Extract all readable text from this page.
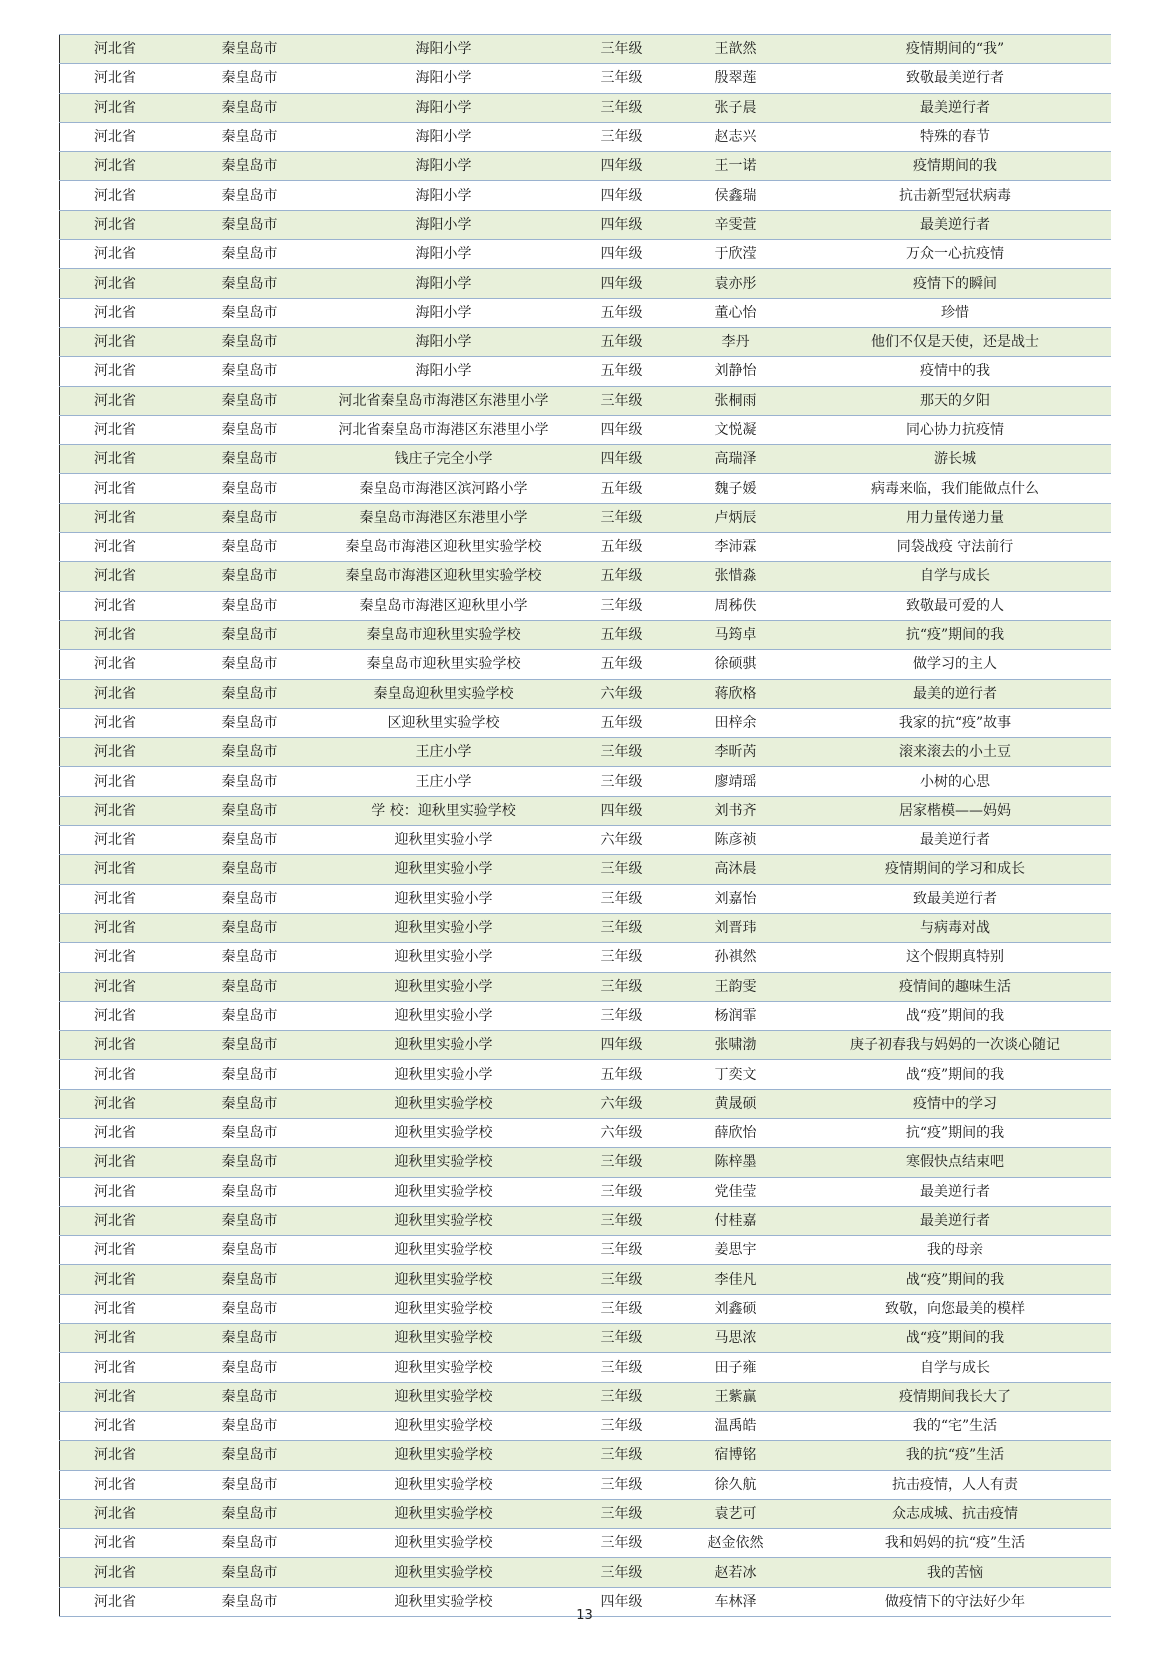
河北省	秦皇岛市	海阳小学	三年级	王歆然	疫情期间的“我”
河北省	秦皇岛市	海阳小学	三年级	殷翠莲	致敬最美逆行者
河北省	秦皇岛市	海阳小学	三年级	张子晨	最美逆行者
河北省	秦皇岛市	海阳小学	三年级	赵志兴	特殊的春节
河北省	秦皇岛市	海阳小学	四年级	王一诺	疫情期间的我
河北省	秦皇岛市	海阳小学	四年级	侯鑫瑞	抗击新型冠状病毒
河北省	秦皇岛市	海阳小学	四年级	辛雯萱	最美逆行者
河北省	秦皇岛市	海阳小学	四年级	于欣滢	万众一心抗疫情
河北省	秦皇岛市	海阳小学	四年级	袁亦彤	疫情下的瞬间
河北省	秦皇岛市	海阳小学	五年级	董心怡	珍惜
河北省	秦皇岛市	海阳小学	五年级	李丹	他们不仅是天使，还是战士
河北省	秦皇岛市	海阳小学	五年级	刘静怡	疫情中的我
河北省	秦皇岛市	河北省秦皇岛市海港区东港里小学	三年级	张桐雨	那天的夕阳
河北省	秦皇岛市	河北省秦皇岛市海港区东港里小学	四年级	文悦凝	同心协力抗疫情
河北省	秦皇岛市	钱庄子完全小学	四年级	高瑞泽	游长城
河北省	秦皇岛市	秦皇岛市海港区滨河路小学	五年级	魏子媛	病毒来临，我们能做点什么
河北省	秦皇岛市	秦皇岛市海港区东港里小学	三年级	卢炳辰	用力量传递力量
河北省	秦皇岛市	秦皇岛市海港区迎秋里实验学校	五年级	李沛霖	同袋战疫 守法前行
河北省	秦皇岛市	秦皇岛市海港区迎秋里实验学校	五年级	张惜淼	自学与成长
河北省	秦皇岛市	秦皇岛市海港区迎秋里小学	三年级	周秭佚	致敬最可爱的人
河北省	秦皇岛市	秦皇岛市迎秋里实验学校	五年级	马筠卓	抗“疫”期间的我
河北省	秦皇岛市	秦皇岛市迎秋里实验学校	五年级	徐硕骐	做学习的主人
河北省	秦皇岛市	秦皇岛迎秋里实验学校	六年级	蒋欣格	最美的逆行者
河北省	秦皇岛市	区迎秋里实验学校	五年级	田梓余	我家的抗“疫”故事
河北省	秦皇岛市	王庄小学	三年级	李昕芮	滚来滚去的小土豆
河北省	秦皇岛市	王庄小学	三年级	廖靖瑶	小树的心思
河北省	秦皇岛市	学 校：迎秋里实验学校	四年级	刘书齐	居家楷模——妈妈
河北省	秦皇岛市	迎秋里实验小学	六年级	陈彦祯	最美逆行者
河北省	秦皇岛市	迎秋里实验小学	三年级	高沐晨	疫情期间的学习和成长
河北省	秦皇岛市	迎秋里实验小学	三年级	刘嘉怡	致最美逆行者
河北省	秦皇岛市	迎秋里实验小学	三年级	刘晋玮	与病毒对战
河北省	秦皇岛市	迎秋里实验小学	三年级	孙祺然	这个假期真特别
河北省	秦皇岛市	迎秋里实验小学	三年级	王韵雯	疫情间的趣味生活
河北省	秦皇岛市	迎秋里实验小学	三年级	杨润霏	战“疫”期间的我
河北省	秦皇岛市	迎秋里实验小学	四年级	张啸渤	庚子初春我与妈妈的一次谈心随记
河北省	秦皇岛市	迎秋里实验小学	五年级	丁奕文	战“疫”期间的我
河北省	秦皇岛市	迎秋里实验学校	六年级	黄晟硕	疫情中的学习
河北省	秦皇岛市	迎秋里实验学校	六年级	薛欣怡	抗“疫”期间的我
河北省	秦皇岛市	迎秋里实验学校	三年级	陈梓墨	寒假快点结束吧
河北省	秦皇岛市	迎秋里实验学校	三年级	党佳莹	最美逆行者
河北省	秦皇岛市	迎秋里实验学校	三年级	付桂嘉	最美逆行者
河北省	秦皇岛市	迎秋里实验学校	三年级	姜思宇	我的母亲
河北省	秦皇岛市	迎秋里实验学校	三年级	李佳凡	战“疫”期间的我
河北省	秦皇岛市	迎秋里实验学校	三年级	刘鑫硕	致敬，向您最美的模样
河北省	秦皇岛市	迎秋里实验学校	三年级	马思浓	战“疫”期间的我
河北省	秦皇岛市	迎秋里实验学校	三年级	田子雍	自学与成长
河北省	秦皇岛市	迎秋里实验学校	三年级	王紫赢	疫情期间我长大了
河北省	秦皇岛市	迎秋里实验学校	三年级	温禹皓	我的“宅”生活
河北省	秦皇岛市	迎秋里实验学校	三年级	宿博铭	我的抗“疫”生活
河北省	秦皇岛市	迎秋里实验学校	三年级	徐久航	抗击疫情，人人有责
河北省	秦皇岛市	迎秋里实验学校	三年级	袁艺可	众志成城、抗击疫情
河北省	秦皇岛市	迎秋里实验学校	三年级	赵金依然	我和妈妈的抗“疫”生活
河北省	秦皇岛市	迎秋里实验学校	三年级	赵若冰	我的苦恼
河北省	秦皇岛市	迎秋里实验学校	四年级	车林泽	做疫情下的守法好少年
13
